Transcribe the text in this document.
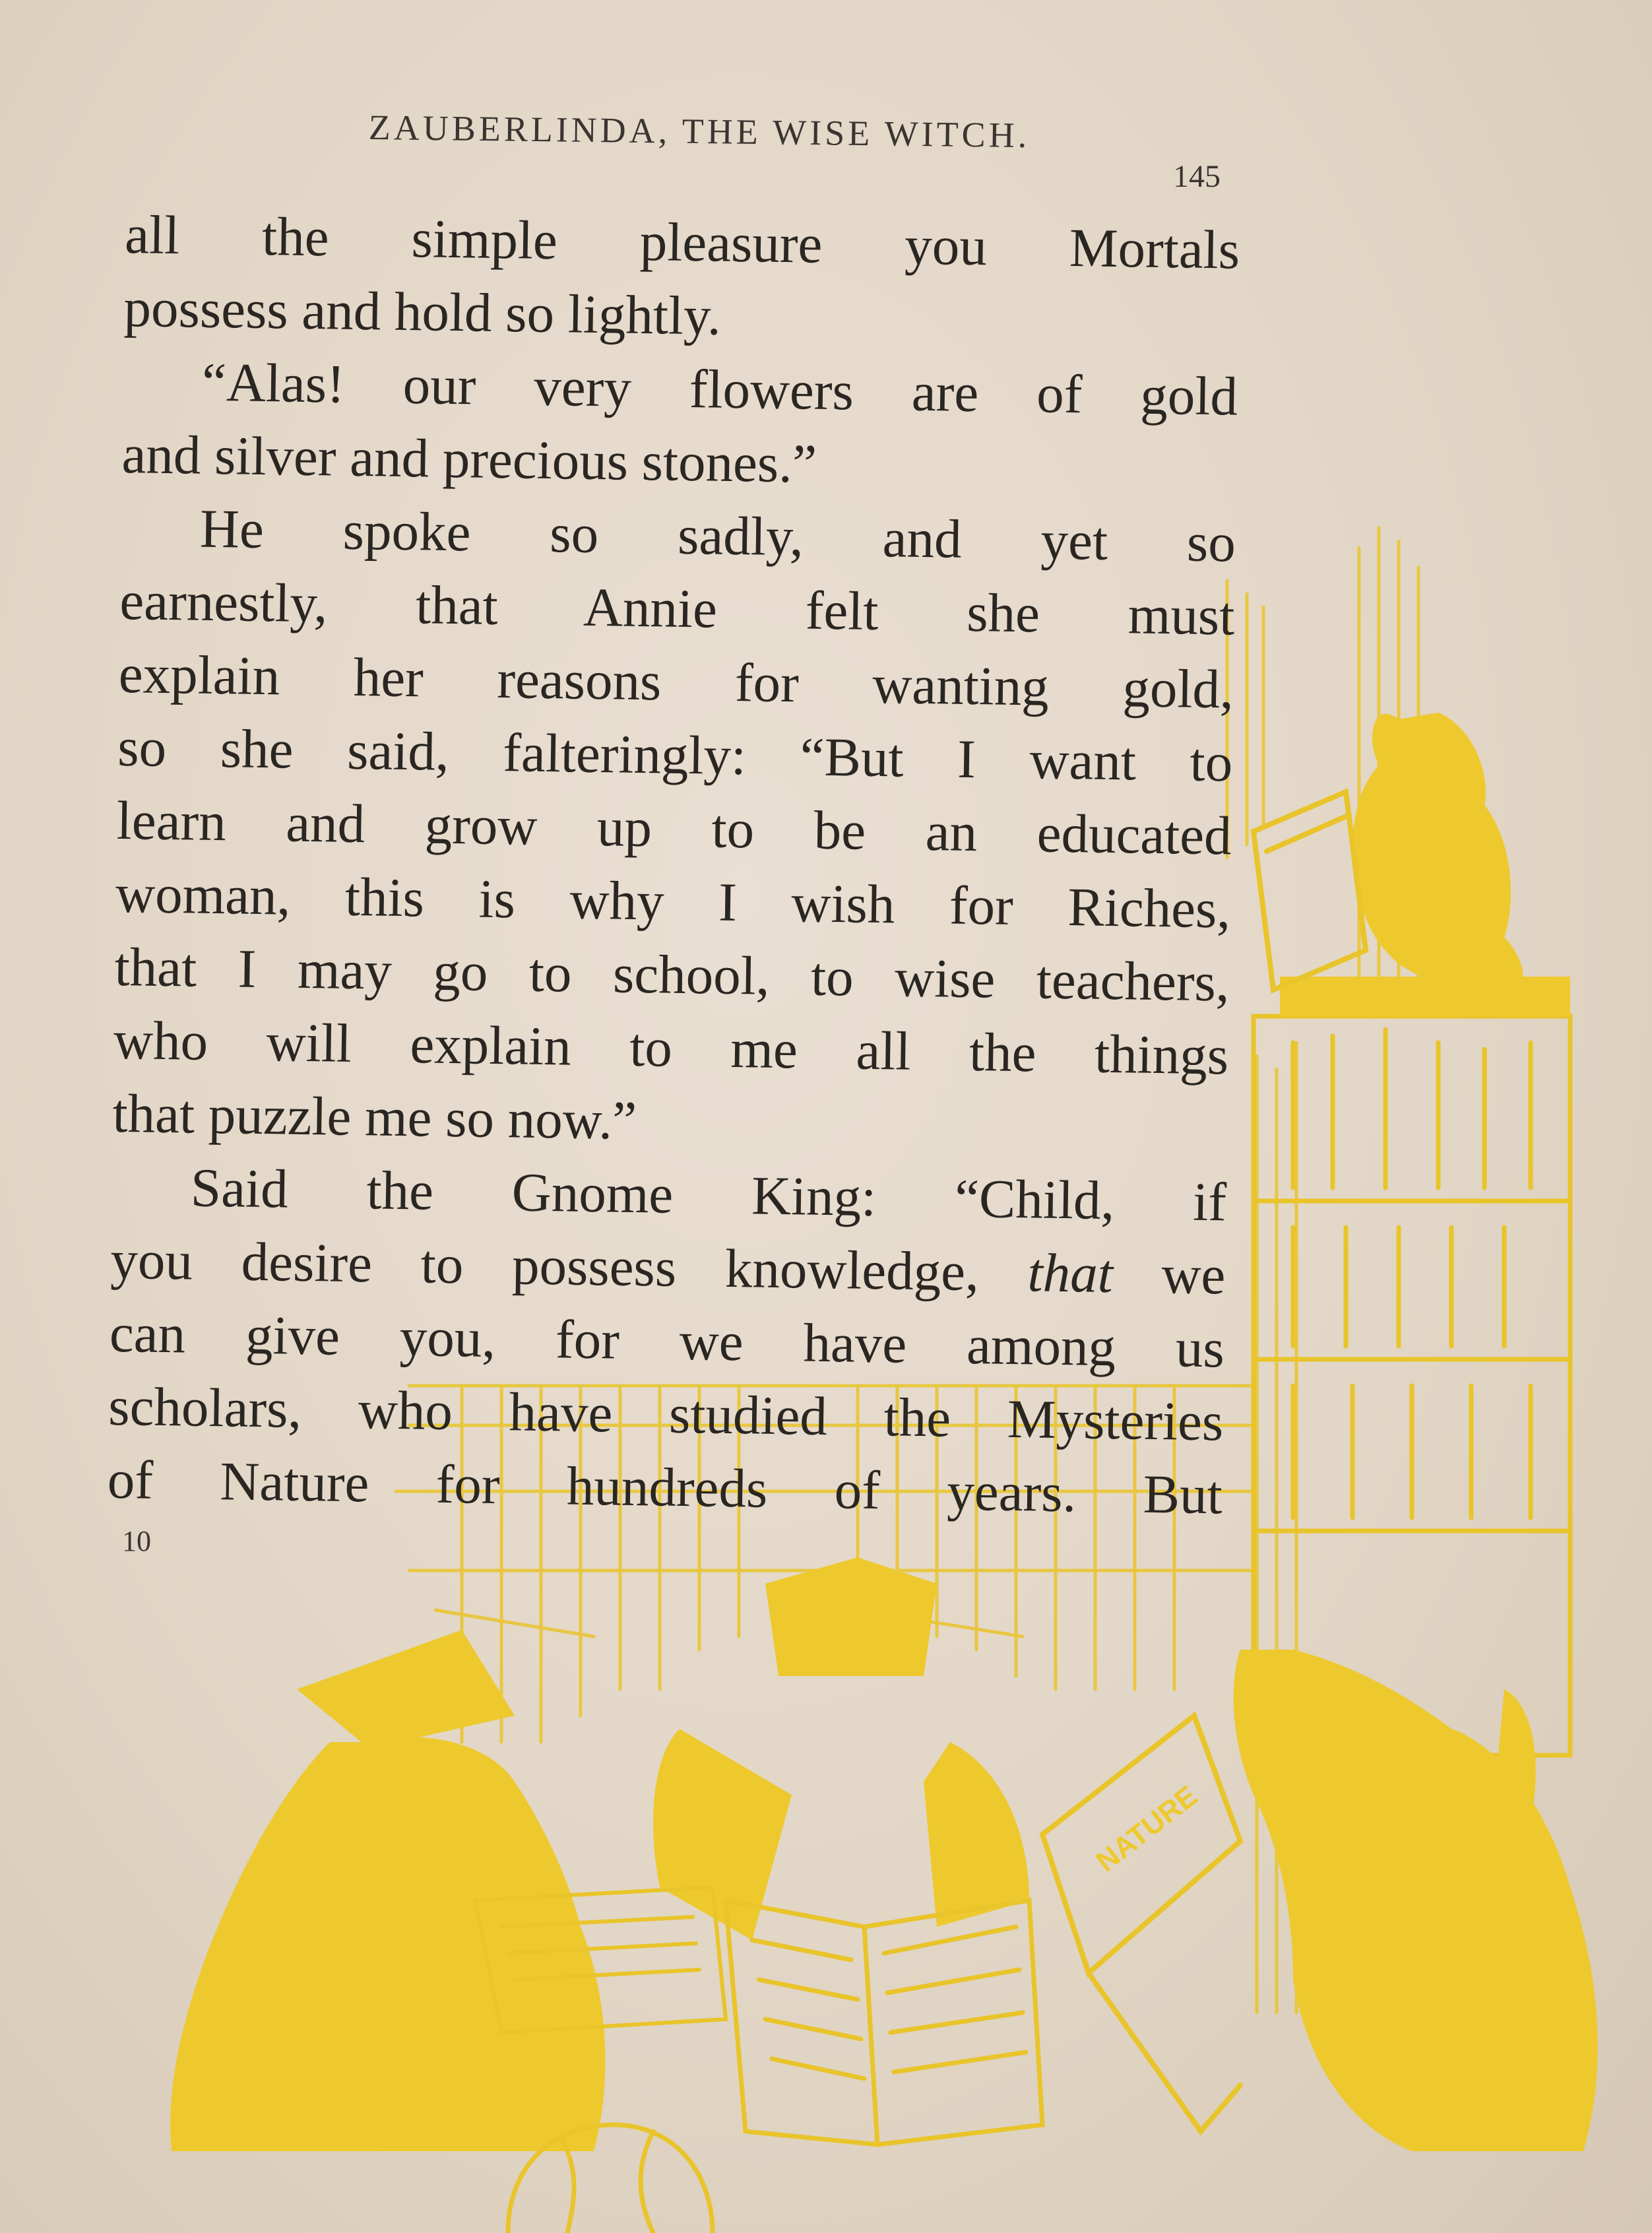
NATURE
ZAUBERLINDA, THE WISE WITCH.
145
all the simple pleasure you Mortals
possess and hold so lightly.
“Alas! our very flowers are of gold
and silver and precious stones.”
He spoke so sadly, and yet so
earnestly, that Annie felt she must
explain her reasons for wanting gold,
so she said, falteringly: “But I want to
learn and grow up to be an educated
woman, this is why I wish for Riches,
that I may go to school, to wise teachers,
who will explain to me all the things
that puzzle me so now.”
Said the Gnome King: “Child, if
you desire to possess knowledge, that we
can give you, for we have among us
scholars, who have studied the Mysteries
of Nature for hundreds of years. But
10
